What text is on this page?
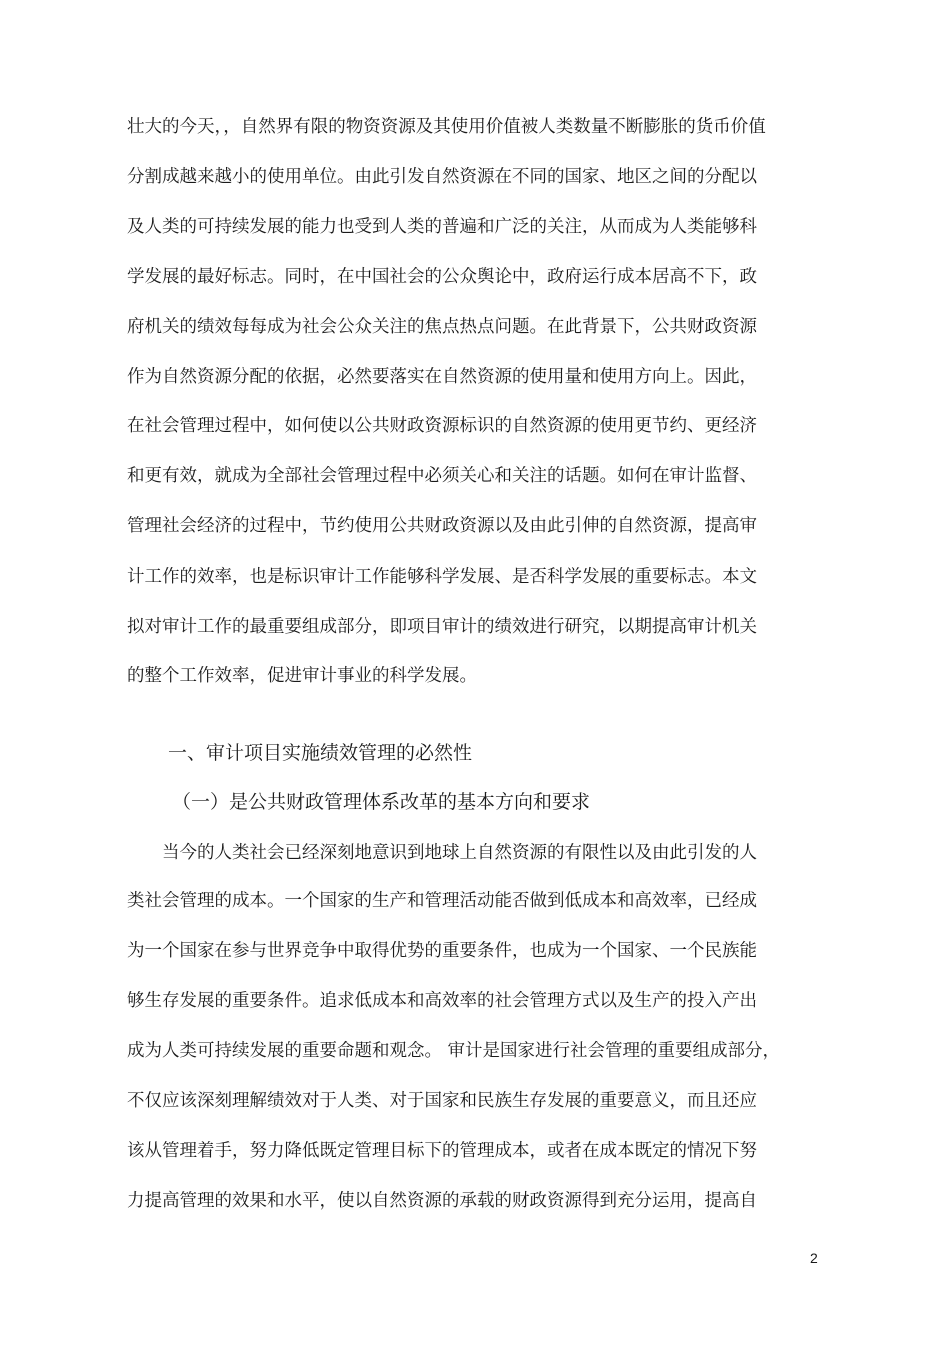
壮大的今天，，自然界有限的物资资源及其使用价值被人类数量不断膨胀的货币价值
分割成越来越小的使用单位。由此引发自然资源在不同的国家、地区之间的分配以
及人类的可持续发展的能力也受到人类的普遍和广泛的关注，从而成为人类能够科
学发展的最好标志。同时，在中国社会的公众舆论中，政府运行成本居高不下，政
府机关的绩效每每成为社会公众关注的焦点热点问题。在此背景下，公共财政资源
作为自然资源分配的依据，必然要落实在自然资源的使用量和使用方向上。因此，
在社会管理过程中，如何使以公共财政资源标识的自然资源的使用更节约、更经济
和更有效，就成为全部社会管理过程中必须关心和关注的话题。如何在审计监督、
管理社会经济的过程中，节约使用公共财政资源以及由此引伸的自然资源，提高审
计工作的效率，也是标识审计工作能够科学发展、是否科学发展的重要标志。本文
拟对审计工作的最重要组成部分，即项目审计的绩效进行研究，以期提高审计机关
的整个工作效率，促进审计事业的科学发展。
一、审计项目实施绩效管理的必然性
（一）是公共财政管理体系改革的基本方向和要求
当今的人类社会已经深刻地意识到地球上自然资源的有限性以及由此引发的人
类社会管理的成本。一个国家的生产和管理活动能否做到低成本和高效率，已经成
为一个国家在参与世界竞争中取得优势的重要条件，也成为一个国家、一个民族能
够生存发展的重要条件。追求低成本和高效率的社会管理方式以及生产的投入产出
成为人类可持续发展的重要命题和观念。 审计是国家进行社会管理的重要组成部分，
不仅应该深刻理解绩效对于人类、对于国家和民族生存发展的重要意义，而且还应
该从管理着手，努力降低既定管理目标下的管理成本，或者在成本既定的情况下努
力提高管理的效果和水平，使以自然资源的承载的财政资源得到充分运用，提高自
2
